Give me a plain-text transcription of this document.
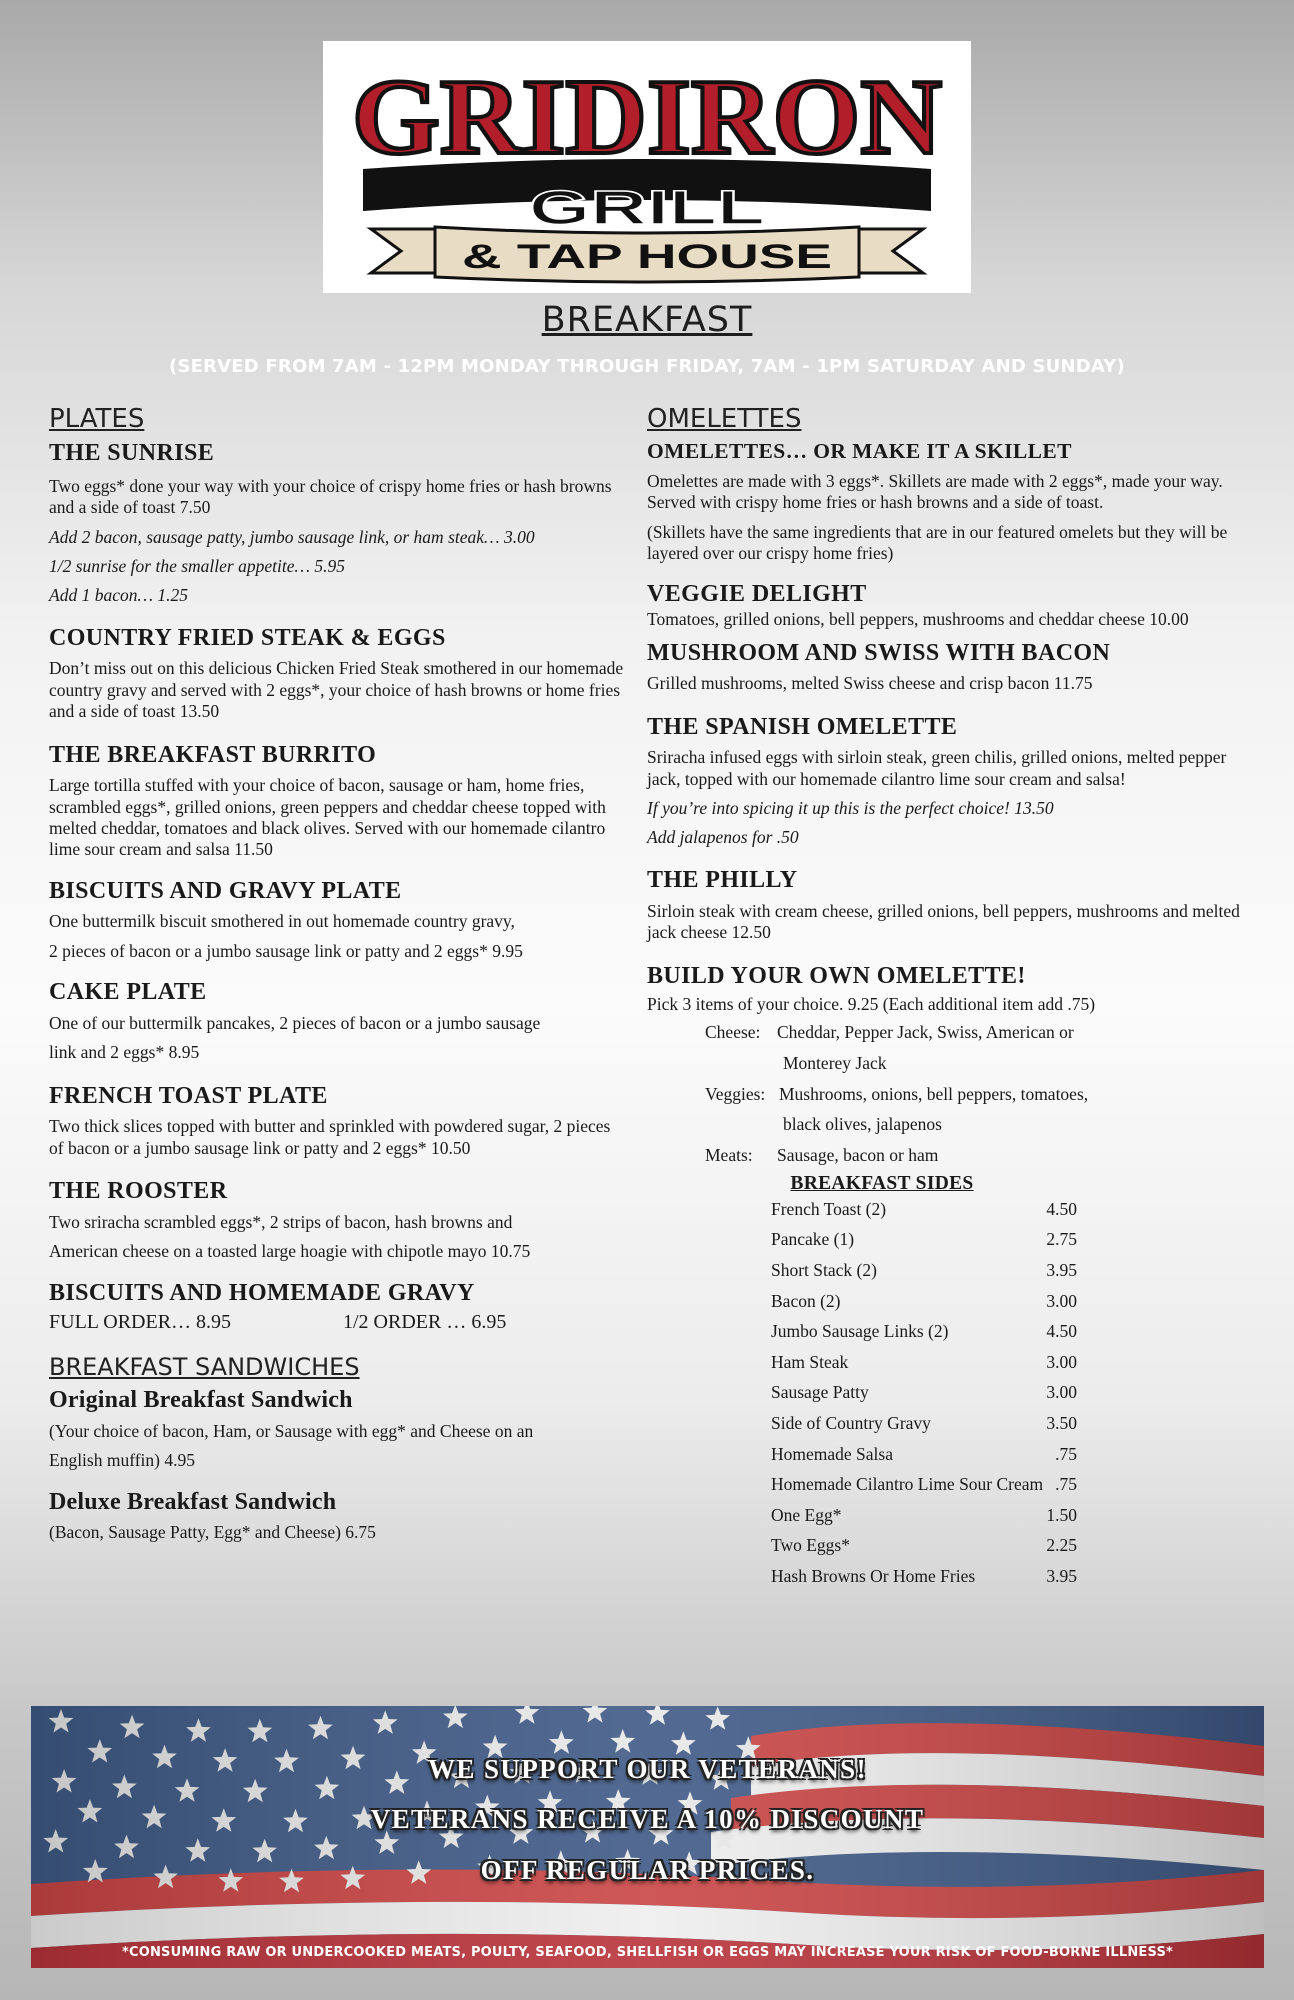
GRIDIRON
GRILL
& TAP HOUSE
BREAKFAST
(SERVED FROM 7AM - 12PM MONDAY THROUGH FRIDAY, 7AM - 1PM SATURDAY AND SUNDAY)
PLATES
THE SUNRISE
Two eggs* done your way with your choice of crispy home fries or hash browns and a side of toast 7.50
Add 2 bacon, sausage patty, jumbo sausage link, or ham steak… 3.00
1/2 sunrise for the smaller appetite… 5.95
Add 1 bacon… 1.25
COUNTRY FRIED STEAK & EGGS
Don’t miss out on this delicious Chicken Fried Steak smothered in our homemade country gravy and served with 2 eggs*, your choice of hash browns or home fries and a side of toast 13.50
THE BREAKFAST BURRITO
Large tortilla stuffed with your choice of bacon, sausage or ham, home fries, scrambled eggs*, grilled onions, green peppers and cheddar cheese topped with melted cheddar, tomatoes and black olives. Served with our homemade cilantro lime sour cream and salsa 11.50
BISCUITS AND GRAVY PLATE
One buttermilk biscuit smothered in out homemade country gravy,
2 pieces of bacon or a jumbo sausage link or patty and 2 eggs* 9.95
CAKE PLATE
One of our buttermilk pancakes, 2 pieces of bacon or a jumbo sausage
link and 2 eggs* 8.95
FRENCH TOAST PLATE
Two thick slices topped with butter and sprinkled with powdered sugar, 2 pieces of bacon or a jumbo sausage link or patty and 2 eggs* 10.50
THE ROOSTER
Two sriracha scrambled eggs*, 2 strips of bacon, hash browns and
American cheese on a toasted large hoagie with chipotle mayo 10.75
BISCUITS AND HOMEMADE GRAVY
FULL ORDER… 8.95	1/2 ORDER … 6.95
BREAKFAST SANDWICHES
Original Breakfast Sandwich
(Your choice of bacon, Ham, or Sausage with egg* and Cheese on an
English muffin) 4.95
Deluxe Breakfast Sandwich
(Bacon, Sausage Patty, Egg* and Cheese) 6.75
OMELETTES
OMELETTES… OR MAKE IT A SKILLET
Omelettes are made with 3 eggs*. Skillets are made with 2 eggs*, made your way. Served with crispy home fries or hash browns and a side of toast.
(Skillets have the same ingredients that are in our featured omelets but they will be layered over our crispy home fries)
VEGGIE DELIGHT
Tomatoes, grilled onions, bell peppers, mushrooms and cheddar cheese 10.00
MUSHROOM AND SWISS WITH BACON
Grilled mushrooms, melted Swiss cheese and crisp bacon 11.75
THE SPANISH OMELETTE
Sriracha infused eggs with sirloin steak, green chilis, grilled onions, melted pepper jack, topped with our homemade cilantro lime sour cream and salsa!
If you’re into spicing it up this is the perfect choice! 13.50
Add jalapenos for .50
THE PHILLY
Sirloin steak with cream cheese, grilled onions, bell peppers, mushrooms and melted jack cheese 12.50
BUILD YOUR OWN OMELETTE!
Pick 3 items of your choice. 9.25 (Each additional item add .75)
Cheese: Cheddar, Pepper Jack, Swiss, American or
Monterey Jack
Veggies: Mushrooms, onions, bell peppers, tomatoes,
black olives, jalapenos
Meats: Sausage, bacon or ham
BREAKFAST SIDES
French Toast (2)	4.50
Pancake (1)	2.75
Short Stack (2)	3.95
Bacon (2)	3.00
Jumbo Sausage Links (2)	4.50
Ham Steak	3.00
Sausage Patty	3.00
Side of Country Gravy	3.50
Homemade Salsa	.75
Homemade Cilantro Lime Sour Cream .75
One Egg*	1.50
Two Eggs*	2.25
Hash Browns Or Home Fries	3.95
WE SUPPORT OUR VETERANS!
VETERANS RECEIVE A 10% DISCOUNT
OFF REGULAR PRICES.
*CONSUMING RAW OR UNDERCOOKED MEATS, POULTY, SEAFOOD, SHELLFISH OR EGGS MAY INCREASE YOUR RISK OF FOOD-BORNE ILLNESS*
